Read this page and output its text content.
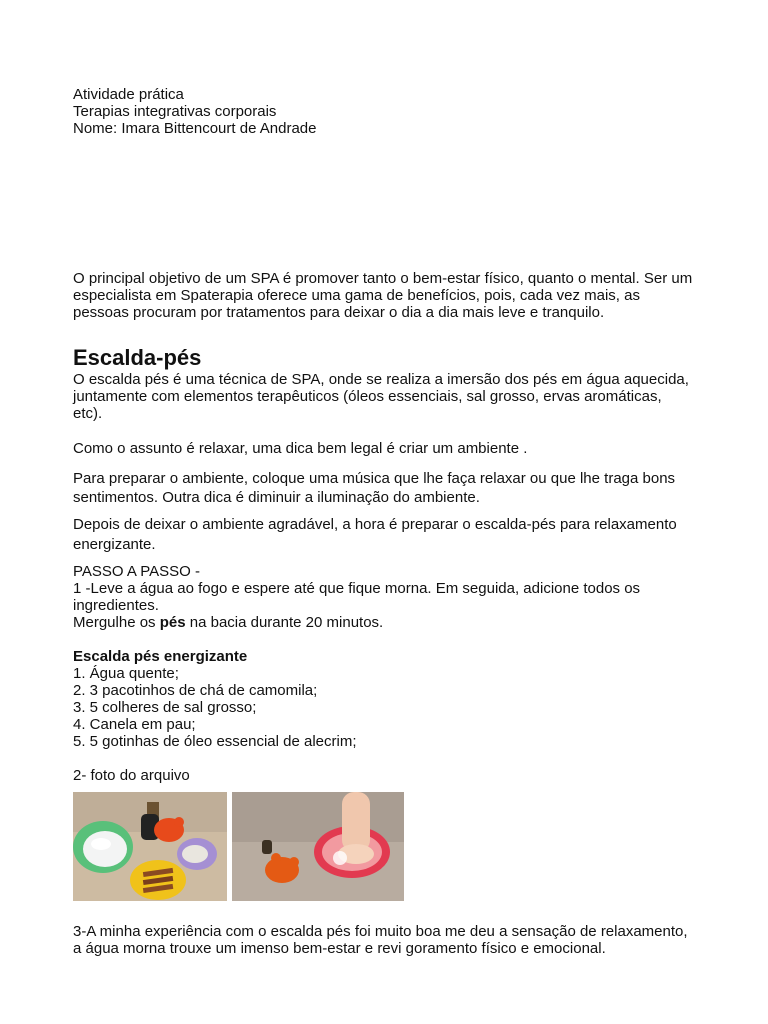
Atividade prática
Terapias integrativas corporais
Nome: Imara Bittencourt de Andrade

O principal objetivo de um SPA é promover tanto o bem-estar físico, quanto o mental. Ser um especialista em Spaterapia oferece uma gama de benefícios, pois, cada vez mais, as pessoas procuram por tratamentos para deixar o dia a dia mais leve e tranquilo.

Escalda-pés
O escalda pés é uma técnica de SPA, onde se realiza a imersão dos pés em água aquecida,
juntamente com elementos terapêuticos (óleos essenciais, sal grosso, ervas aromáticas, etc).

Como o assunto é relaxar, uma dica bem legal é criar um ambiente .

Para preparar o ambiente, coloque uma música que lhe faça relaxar ou que lhe traga bons sentimentos. Outra dica é diminuir a iluminação do ambiente.

Depois de deixar o ambiente agradável, a hora é preparar o escalda-pés para relaxamento energizante.

PASSO A PASSO -
1 -Leve a água ao fogo e espere até que fique morna. Em seguida, adicione todos os ingredientes.
Mergulhe os pés na bacia durante 20 minutos.
Escalda pés energizante
1. Água quente;
2. 3 pacotinhos de chá de camomila;
3. 5 colheres de sal grosso;
4. Canela em pau;
5. 5 gotinhas de óleo essencial de alecrim;
2- foto do arquivo

3-A minha experiência com o escalda pés foi muito boa me deu a sensação de relaxamento, a água morna trouxe um imenso bem-estar e revi goramento físico e emocional.
